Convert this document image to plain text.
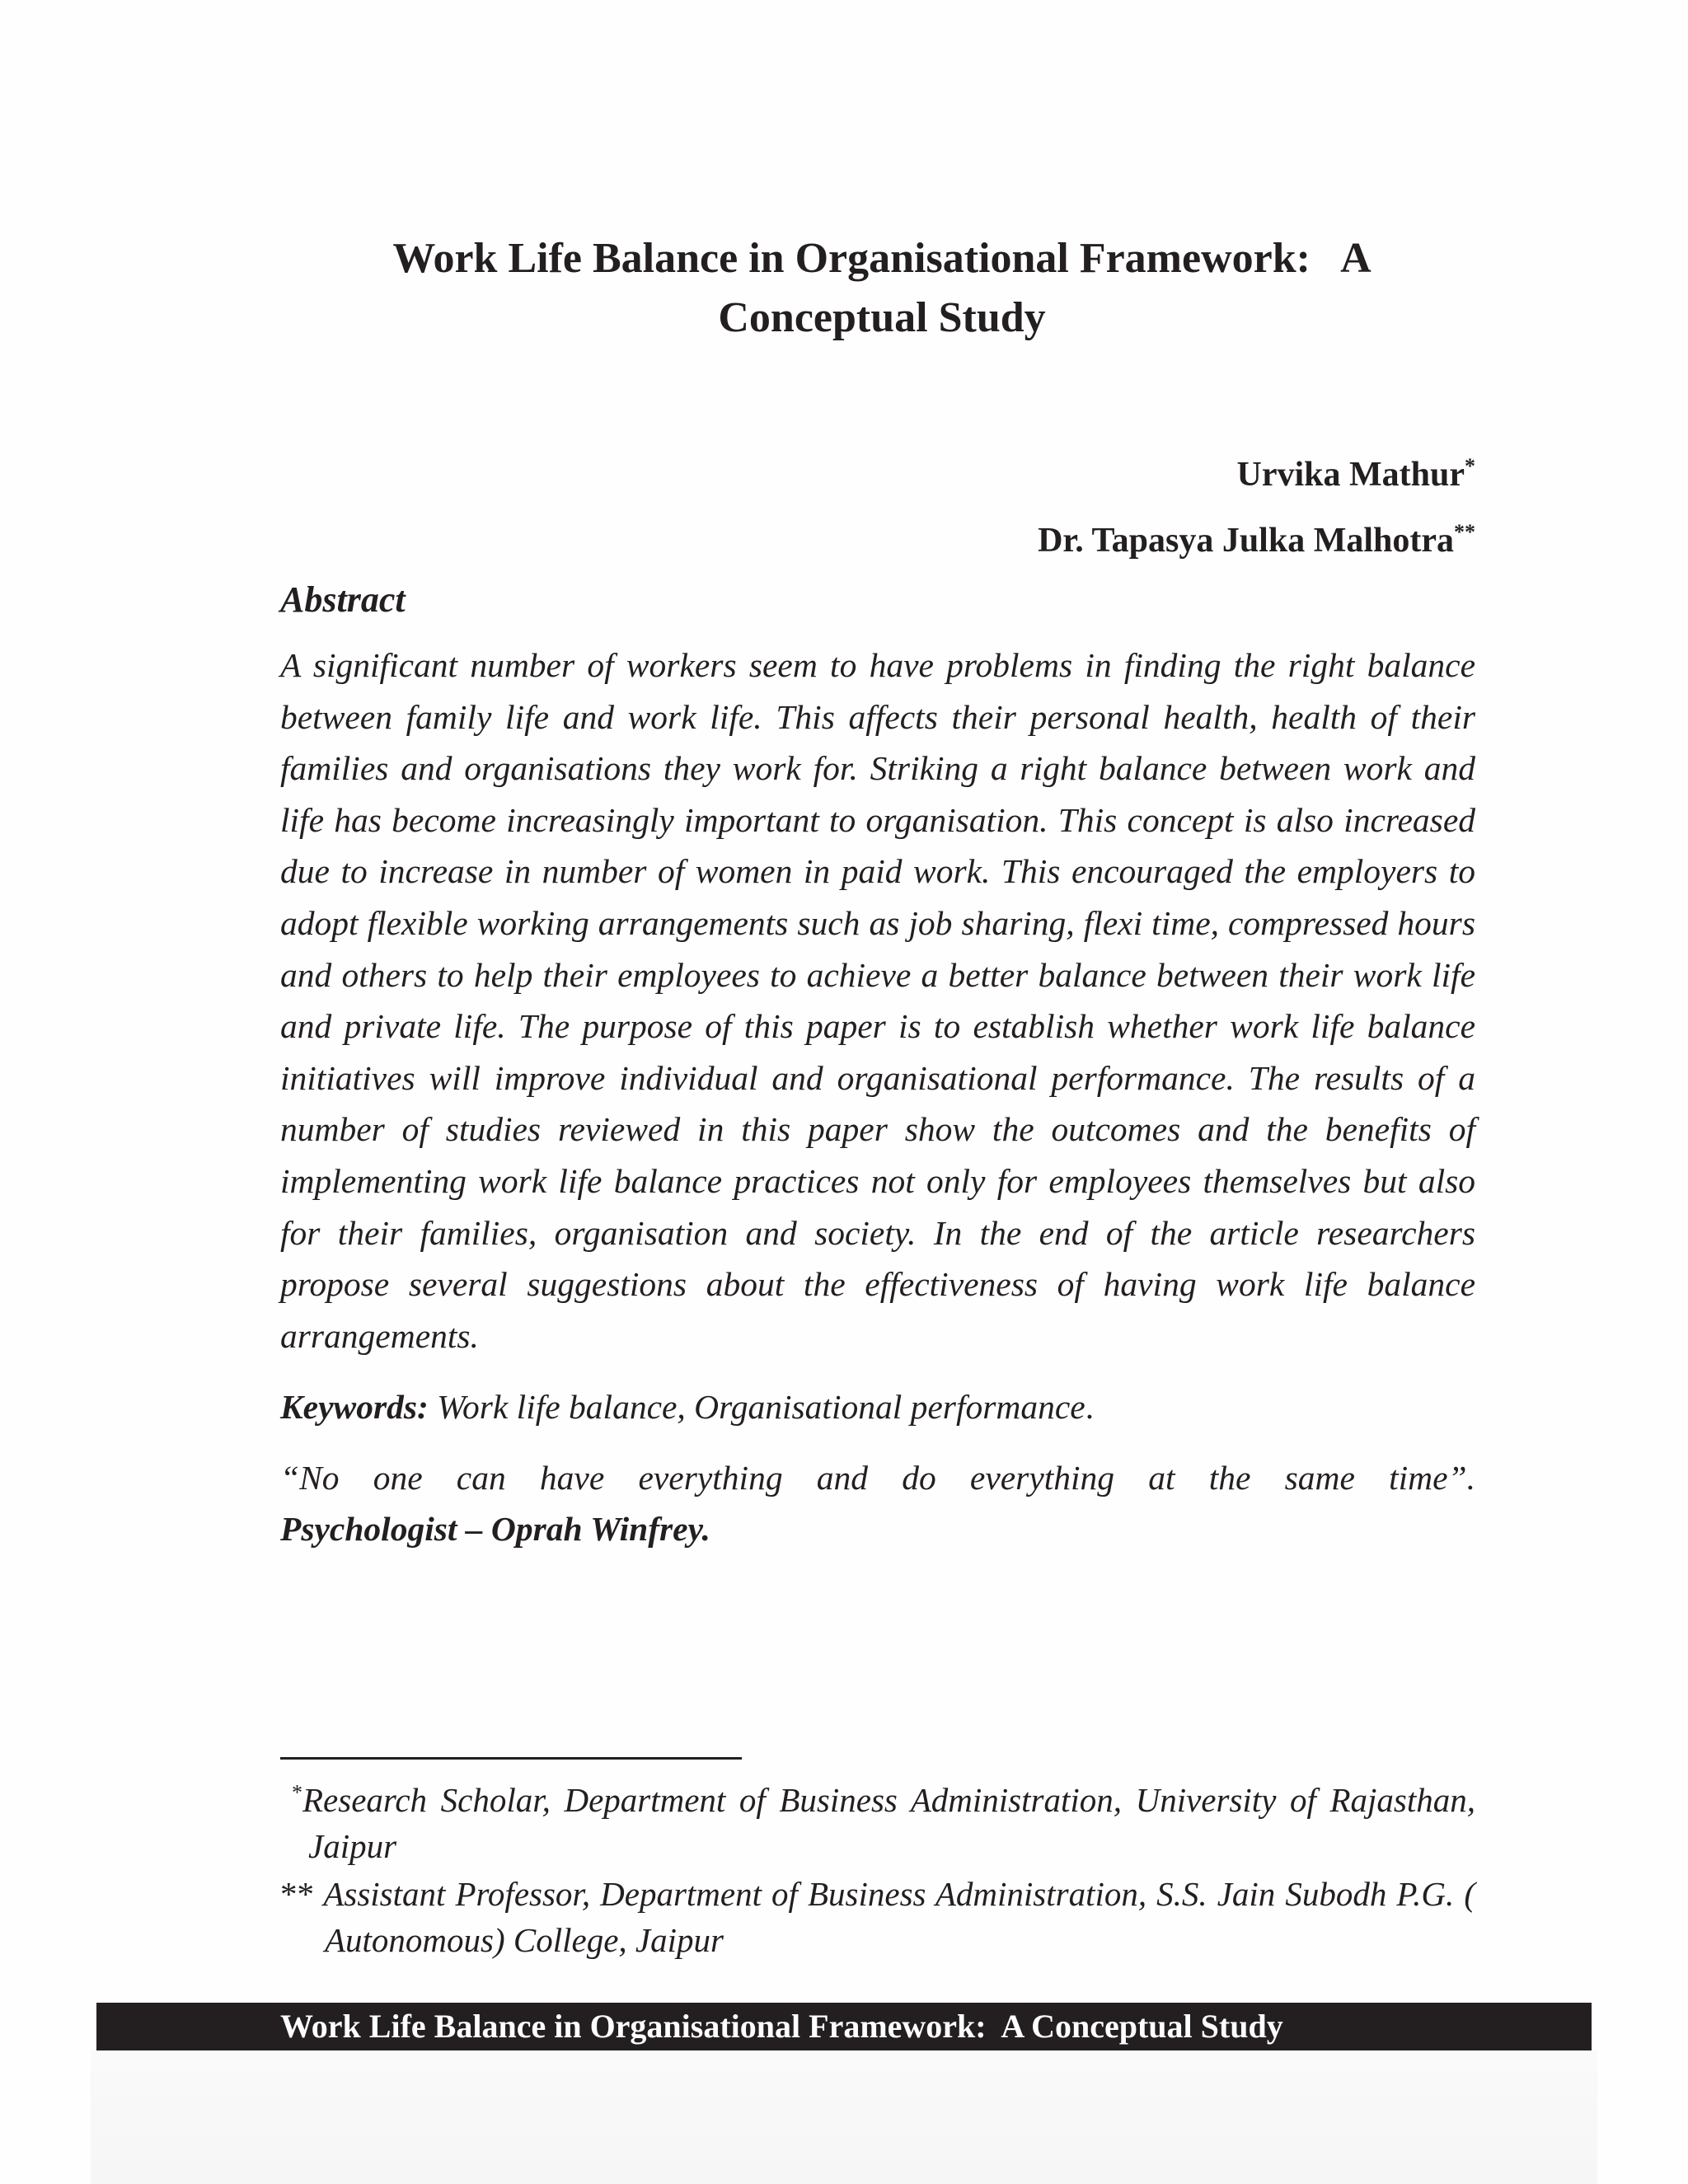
Work Life Balance in Organisational Framework:   A
Conceptual Study
Urvika Mathur*
Dr. Tapasya Julka Malhotra**

Abstract

A significant number of workers seem to have problems in finding the right balance between family life and work life. This affects their personal health, health of their families and organisations they work for. Striking a right balance between work and life has become increasingly important to organisation. This concept is also increased due to increase in number of women in paid work. This encouraged the employers to adopt flexible working arrangements such as job sharing, flexi time, compressed hours and others to help their employees to achieve a better balance between their work life and private life. The purpose of this paper is to establish whether work life balance initiatives will improve individual and organisational performance. The results of a number of studies reviewed in this paper show the outcomes and the benefits of implementing work life balance practices not only for employees themselves but also for their families, organisation and society. In the end of the article researchers propose several suggestions about the effectiveness of having work life balance arrangements.

Keywords: Work life balance, Organisational performance.

“No one can have everything and do everything at the same time”.

Psychologist – Oprah Winfrey.

*Research Scholar, Department of Business Administration, University of Rajasthan, Jaipur

** Assistant Professor, Department of Business Administration, S.S. Jain Subodh P.G. ( Autonomous) College, Jaipur

Work Life Balance in Organisational Framework:  A Conceptual Study
